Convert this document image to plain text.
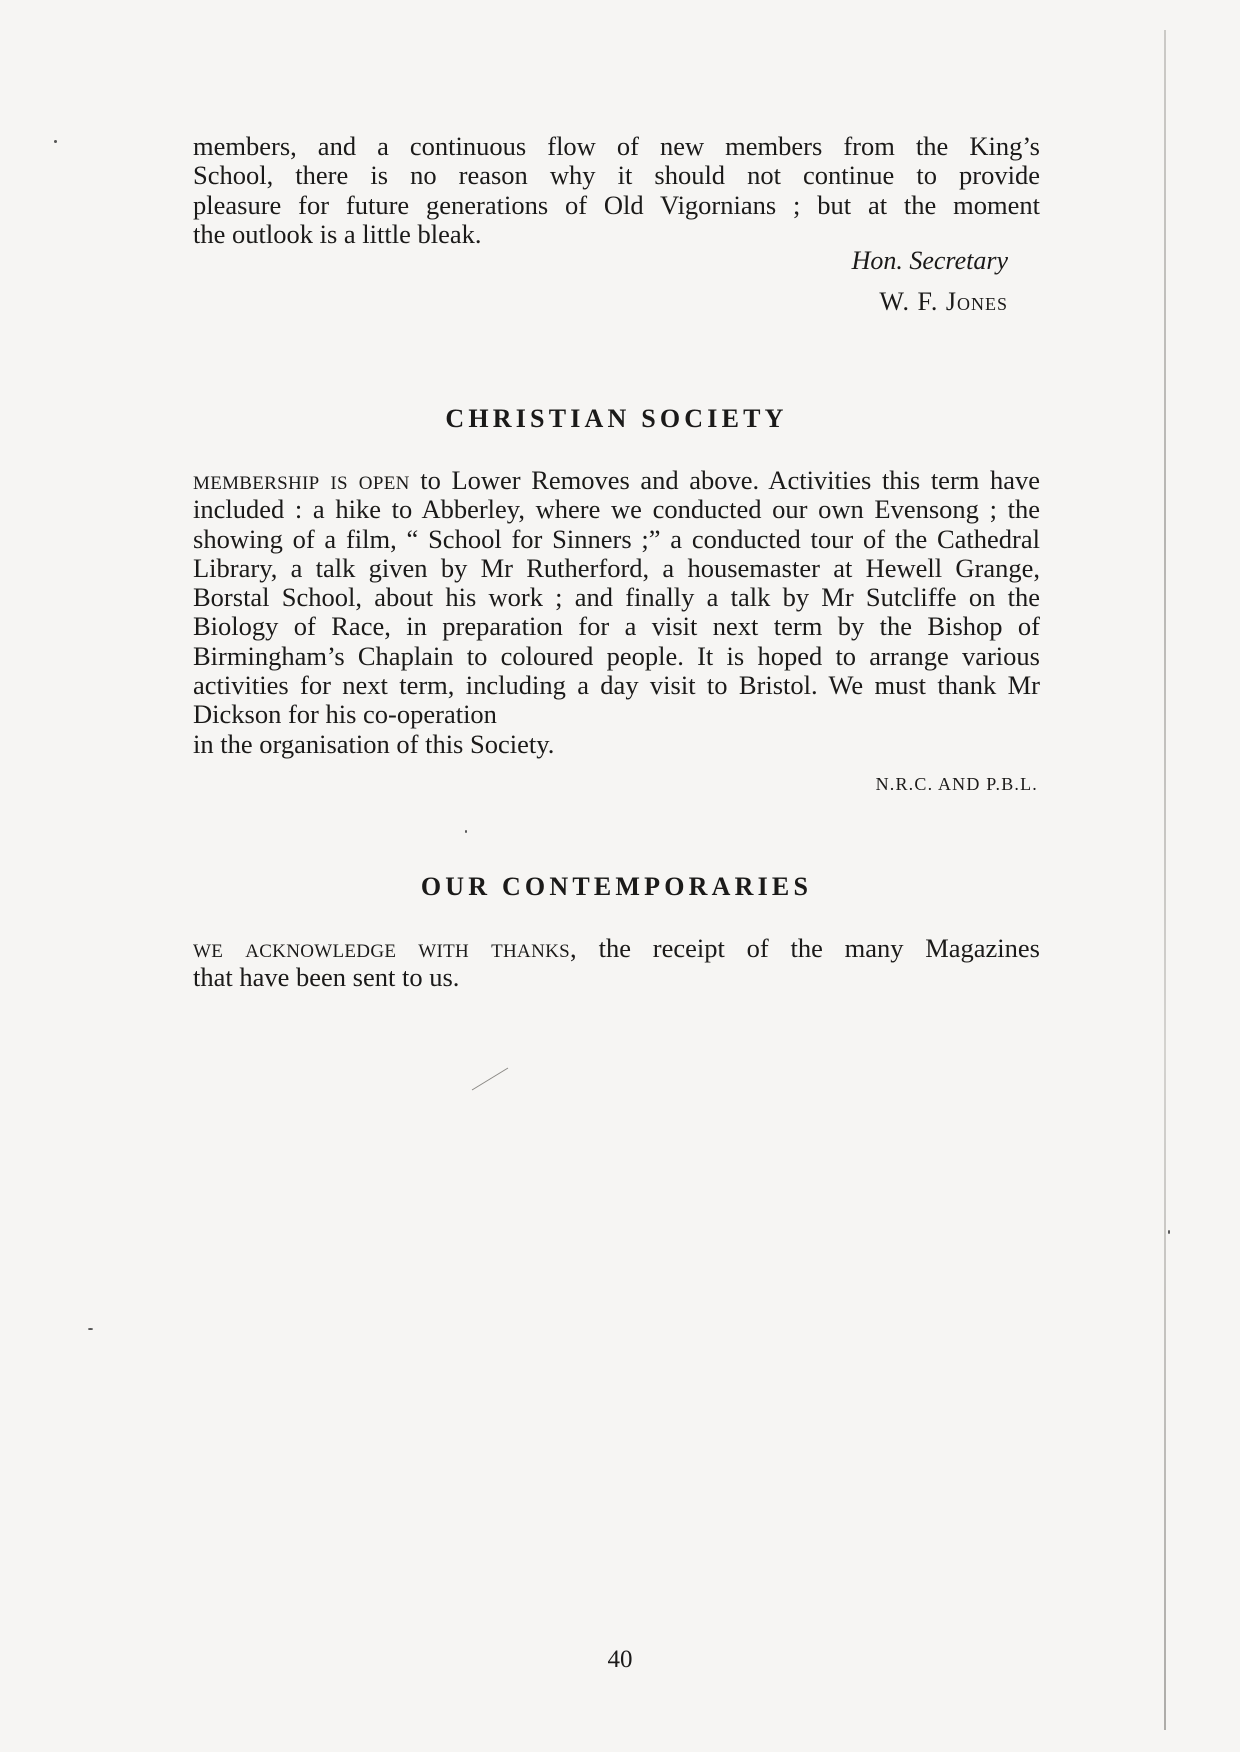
members, and a continuous flow of new members from the King’s

School, there is no reason why it should not continue to provide

pleasure for future generations of Old Vigornians ; but at the moment

the outlook is a little bleak.

Hon. Secretary
W. F. Jones
CHRISTIAN SOCIETY

membership is open to Lower Removes and above. Activities this term have included : a hike to Abberley, where we conducted our own Evensong ; the showing of a film, “ School for Sinners ;” a conducted tour of the Cathedral Library, a talk given by Mr Rutherford, a housemaster at Hewell Grange, Borstal School, about his work ; and finally a talk by Mr Sutcliffe on the Biology of Race, in preparation for a visit next term by the Bishop of Birmingham’s Chaplain to coloured people. It is hoped to arrange various activities for next term, including a day visit to Bristol. We must thank Mr Dickson for his co-operation

in the organisation of this Society.

N.R.C. AND P.B.L.
OUR CONTEMPORARIES

we acknowledge with thanks, the receipt of the many Magazines

that have been sent to us.

40
